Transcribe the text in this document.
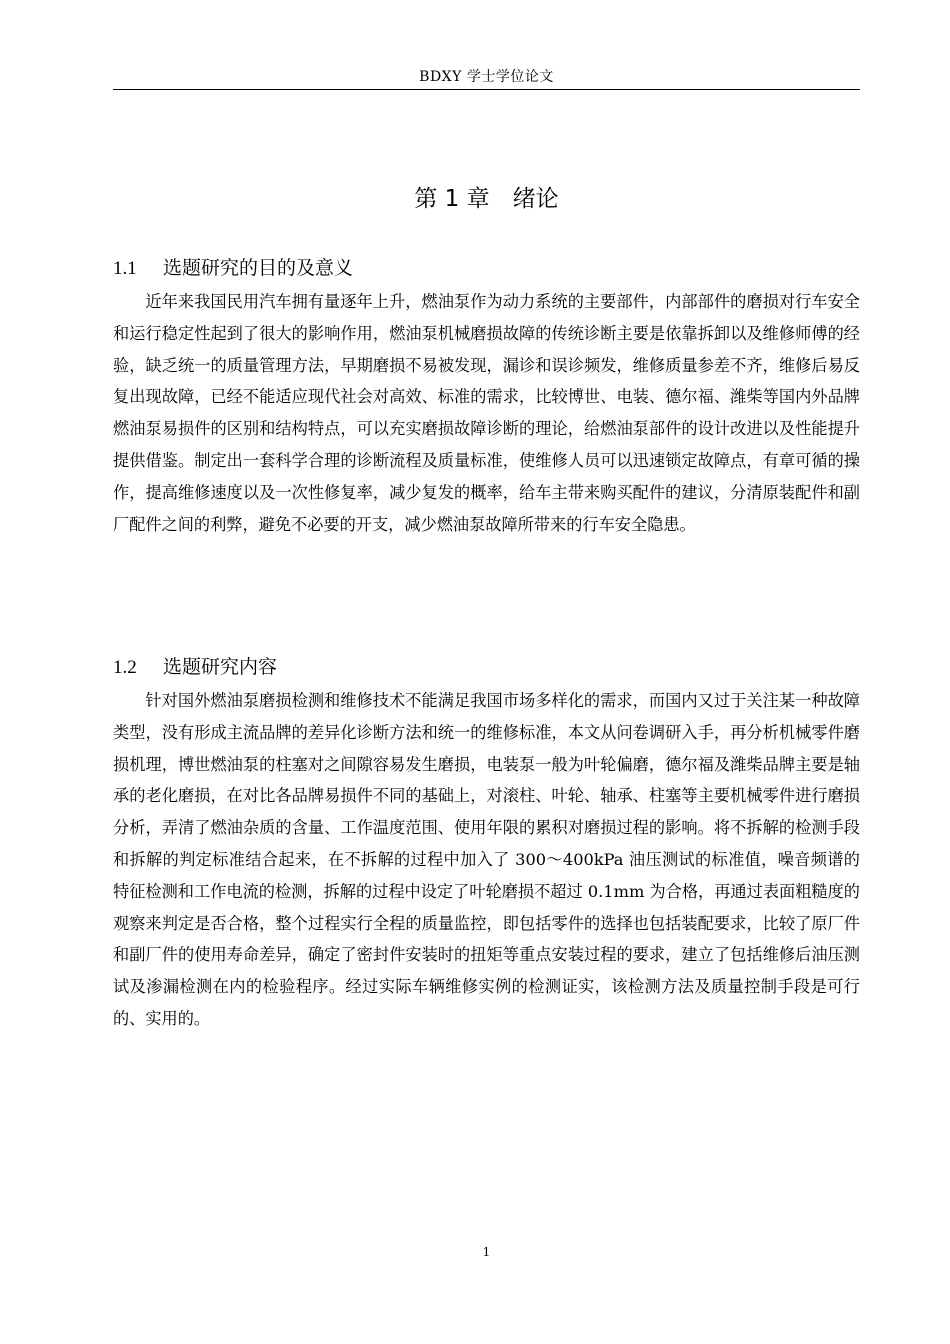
BDXY 学士学位论文
第 1 章　绪论
1.1	选题研究的目的及意义

近年来我国民用汽车拥有量逐年上升，燃油泵作为动力系统的主要部件，内部部件的磨损对行车安全和运行稳定性起到了很大的影响作用，燃油泵机械磨损故障的传统诊断主要是依靠拆卸以及维修师傅的经验，缺乏统一的质量管理方法，早期磨损不易被发现，漏诊和误诊频发，维修质量参差不齐，维修后易反复出现故障，已经不能适应现代社会对高效、标准的需求，比较博世、电装、德尔福、潍柴等国内外品牌燃油泵易损件的区别和结构特点，可以充实磨损故障诊断的理论，给燃油泵部件的设计改进以及性能提升提供借鉴。制定出一套科学合理的诊断流程及质量标准，使维修人员可以迅速锁定故障点，有章可循的操作，提高维修速度以及一次性修复率，减少复发的概率，给车主带来购买配件的建议，分清原装配件和副厂配件之间的利弊，避免不必要的开支，减少燃油泵故障所带来的行车安全隐患。

1.2	选题研究内容

针对国外燃油泵磨损检测和维修技术不能满足我国市场多样化的需求，而国内又过于关注某一种故障类型，没有形成主流品牌的差异化诊断方法和统一的维修标准，本文从问卷调研入手，再分析机械零件磨损机理，博世燃油泵的柱塞对之间隙容易发生磨损，电装泵一般为叶轮偏磨，德尔福及潍柴品牌主要是轴承的老化磨损，在对比各品牌易损件不同的基础上，对滚柱、叶轮、轴承、柱塞等主要机械零件进行磨损分析，弄清了燃油杂质的含量、工作温度范围、使用年限的累积对磨损过程的影响。将不拆解的检测手段和拆解的判定标准结合起来，在不拆解的过程中加入了 300～400kPa 油压测试的标准值，噪音频谱的特征检测和工作电流的检测，拆解的过程中设定了叶轮磨损不超过 0.1mm 为合格，再通过表面粗糙度的观察来判定是否合格，整个过程实行全程的质量监控，即包括零件的选择也包括装配要求，比较了原厂件和副厂件的使用寿命差异，确定了密封件安装时的扭矩等重点安装过程的要求，建立了包括维修后油压测试及渗漏检测在内的检验程序。经过实际车辆维修实例的检测证实，该检测方法及质量控制手段是可行的、实用的。

1
